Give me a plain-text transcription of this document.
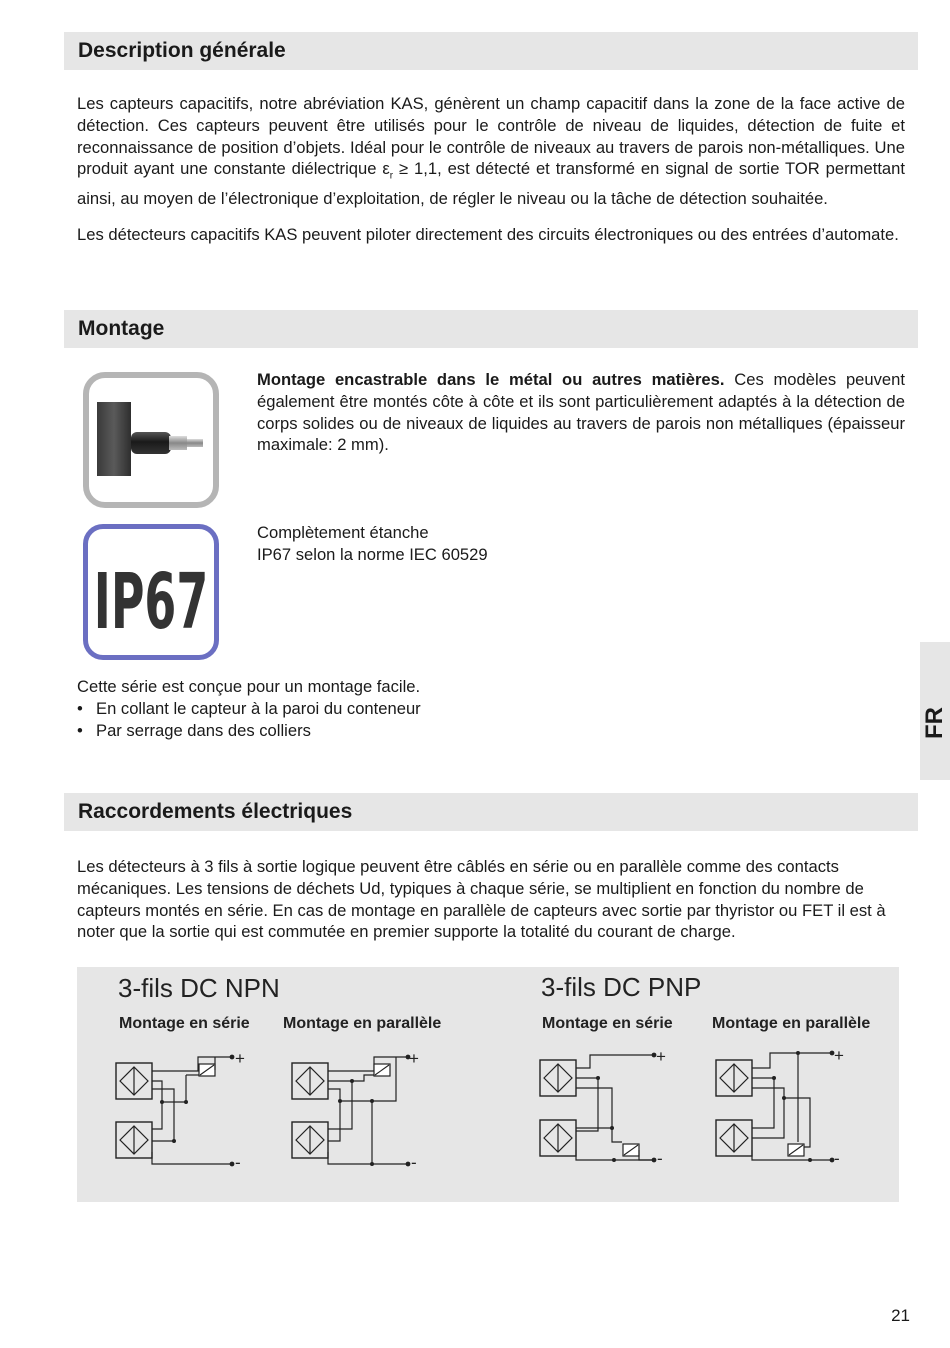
Description générale

Les capteurs capacitifs, notre abréviation KAS, génèrent un champ capacitif dans la zone de la face active de détection. Ces capteurs peuvent être utilisés pour le contrôle de niveau de liquides, détection de fuite et reconnaissance de position d’objets. Idéal pour le contrôle de niveaux au travers de parois non-métalliques. Une produit ayant une constante diélectrique $\varepsilon_r \ge 1,1$, est détecté et transformé en signal de sortie TOR permettant ainsi, au moyen de l’électronique d’exploitation, de régler le niveau ou la tâche de détection souhaitée.

Les détecteurs capacitifs KAS peuvent piloter directement des circuits électroniques ou des entrées d’automate.

Montage

Montage encastrable dans le métal ou autres matières. Ces modèles peuvent également être montés côte à côte et ils sont particulièrement adaptés à la détection de corps solides ou de niveaux de liquides au travers de parois non métalliques (épaisseur maximale: 2 mm).

IP67
Complètement étanche
IP67 selon la norme IEC 60529
Cette série est conçue pour un montage facile.
• En collant le capteur à la paroi du conteneur
• Par serrage dans des colliers	FR
Raccordements électriques

Les détecteurs à 3 fils à sortie logique peuvent être câblés en série ou en parallèle comme des contacts mécaniques. Les tensions de déchets Ud, typiques à chaque série, se multiplient en fonction du nombre de capteurs montés en série. En cas de montage en parallèle de capteurs avec sortie par thyristor ou FET il est à noter que la sortie qui est commutée en premier supporte la totalité du courant de charge.

3-fils DC NPN	3-fils DC PNP
Montage en série Montage en parallèle	Montage en série Montage en parallèle
+
-
+
-
+
-
+
-
21
